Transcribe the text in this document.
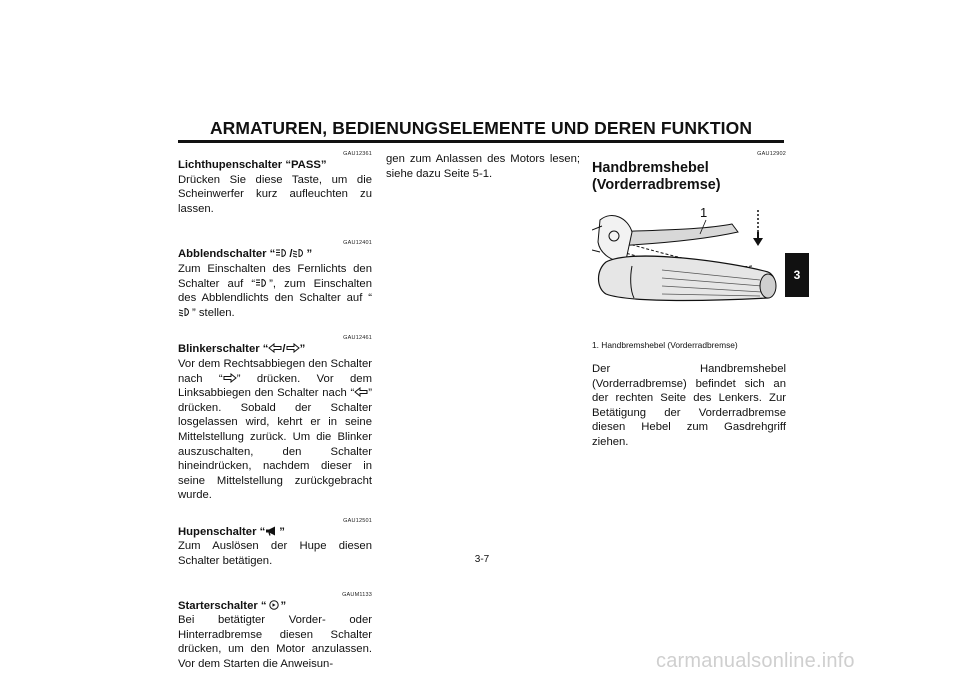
ARMATUREN, BEDIENUNGSELEMENTE UND DEREN FUNKTION
3
GAU12361
Lichthupenschalter “PASS”
Drücken Sie diese Taste, um die Scheinwerfer kurz aufleuchten zu lassen.
GAU12401
Abblendschalter “ / ”
Zum Einschalten des Fernlichts den Schalter auf “ ”, zum Einschalten des Abblendlichts den Schalter auf “” stellen.
GAU12461
Blinkerschalter “ / ”
Vor dem Rechtsabbiegen den Schalter nach “ ” drücken. Vor dem Linksabbiegen den Schalter nach “ ” drücken. Sobald der Schalter losgelassen wird, kehrt er in seine Mittelstellung zurück. Um die Blinker auszuschalten, den Schalter hineindrücken, nachdem dieser in seine Mittelstellung zurückgebracht wurde.
GAU12501
Hupenschalter “ ”
Zum Auslösen der Hupe diesen Schalter betätigen.
GAUM1133
Starterschalter “ ”
Bei betätigter Vorder- oder Hinterradbremse diesen Schalter drücken, um den Motor anzulassen. Vor dem Starten die Anweisun-
gen zum Anlassen des Motors lesen; siehe dazu Seite 5-1.
GAU12902
Handbremshebel (Vorderradbremse)
1
1. Handbremshebel (Vorderradbremse)
Der Handbremshebel (Vorderradbremse) befindet sich an der rechten Seite des Lenkers. Zur Betätigung der Vorderradbremse diesen Hebel zum Gasdrehgriff ziehen.
3-7
carmanualsonline.info
